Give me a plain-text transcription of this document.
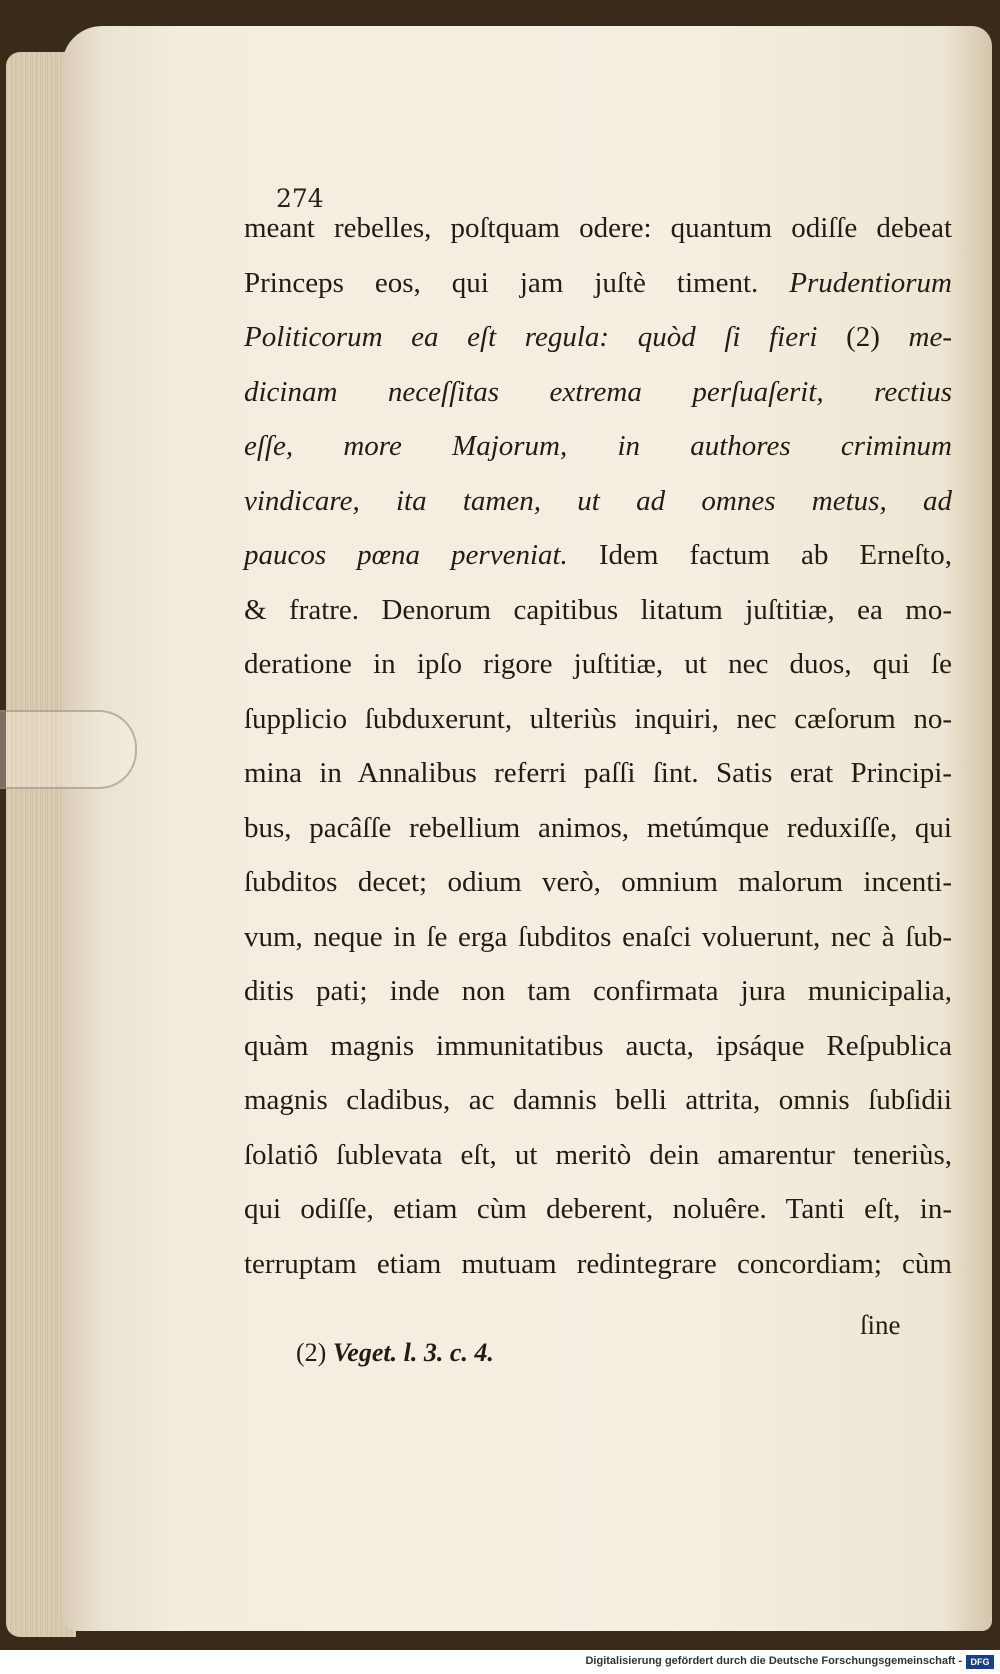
274
meant rebelles, poſtquam odere: quantum odiſſe debeat
Princeps eos, qui jam juſtè timent. Prudentiorum
Politicorum ea eſt regula: quòd ſi fieri (2) me-
dicinam neceſſitas extrema perſuaſerit, rectius
eſſe, more Majorum, in authores criminum
vindicare, ita tamen, ut ad omnes metus, ad
paucos pœna perveniat. Idem factum ab Erneſto,
& fratre. Denorum capitibus litatum juſtitiæ, ea mo-
deratione in ipſo rigore juſtitiæ, ut nec duos, qui ſe
ſupplicio ſubduxerunt, ulteriùs inquiri, nec cæſorum no-
mina in Annalibus referri paſſi ſint. Satis erat Principi-
bus, pacâſſe rebellium animos, metúmque reduxiſſe, qui
ſubditos decet; odium verò, omnium malorum incenti-
vum, neque in ſe erga ſubditos enaſci voluerunt, nec à ſub-
ditis pati; inde non tam confirmata jura municipalia,
quàm magnis immunitatibus aucta, ipsáque Reſpublica
magnis cladibus, ac damnis belli attrita, omnis ſubſidii
ſolatiô ſublevata eſt, ut meritò dein amarentur teneriùs,
qui odiſſe, etiam cùm deberent, noluêre. Tanti eſt, in-
terruptam etiam mutuam redintegrare concordiam; cùm
ſine
(2) Veget. l. 3. c. 4.
Digitalisierung gefördert durch die Deutsche Forschungsgemeinschaft - DFG
